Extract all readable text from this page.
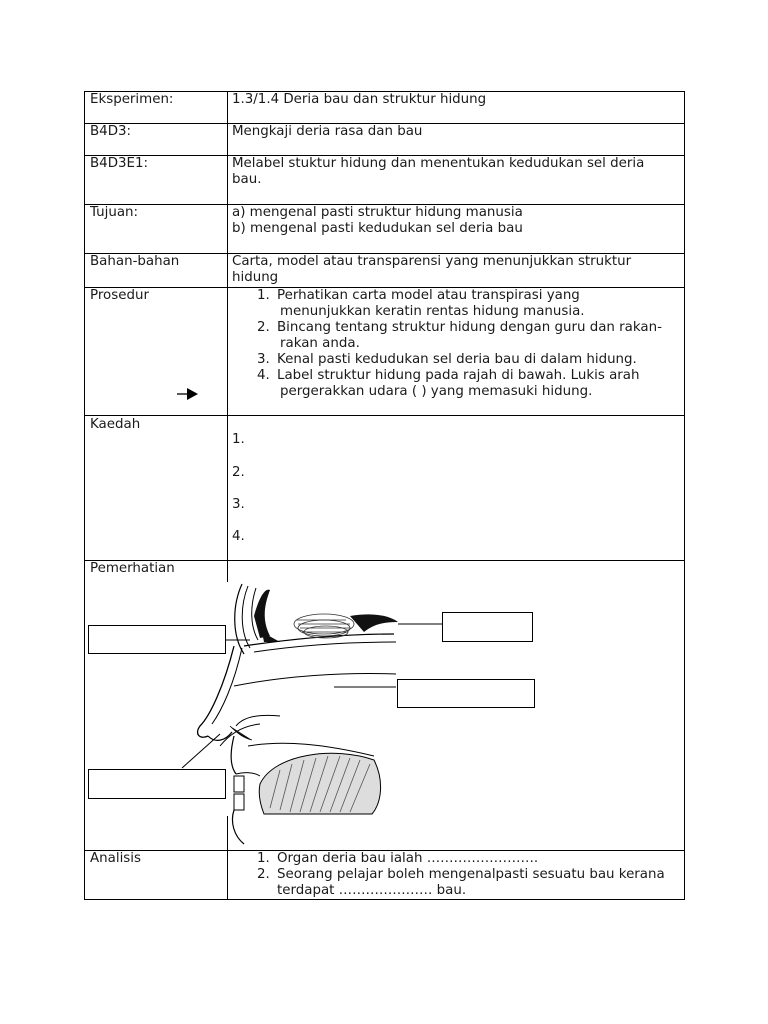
Eksperimen:	1.3/1.4 Deria bau dan struktur hidung
B4D3:	Mengkaji deria rasa dan bau
B4D3E1:	Melabel stuktur hidung dan menentukan kedudukan sel deria
bau.
Tujuan:	a) mengenal pasti struktur hidung manusia
b) mengenal pasti kedudukan sel deria bau
Bahan-bahan	Carta, model atau transparensi yang menunjukkan struktur
hidung
Prosedur	1. Perhatikan carta model atau transpirasi yang
menunjukkan keratin rentas hidung manusia.
2. Bincang tentang struktur hidung dengan guru dan rakan-
rakan anda.
3. Kenal pasti kedudukan sel deria bau di dalam hidung.
4. Label struktur hidung pada rajah di bawah. Lukis arah
pergerakkan udara ( ) yang memasuki hidung.
Kaedah
1.
2.
3.
4.
Pemerhatian
Analisis	1. Organ deria bau ialah …………………….
2. Seorang pelajar boleh mengenalpasti sesuatu bau kerana
terdapat ………………… bau.
